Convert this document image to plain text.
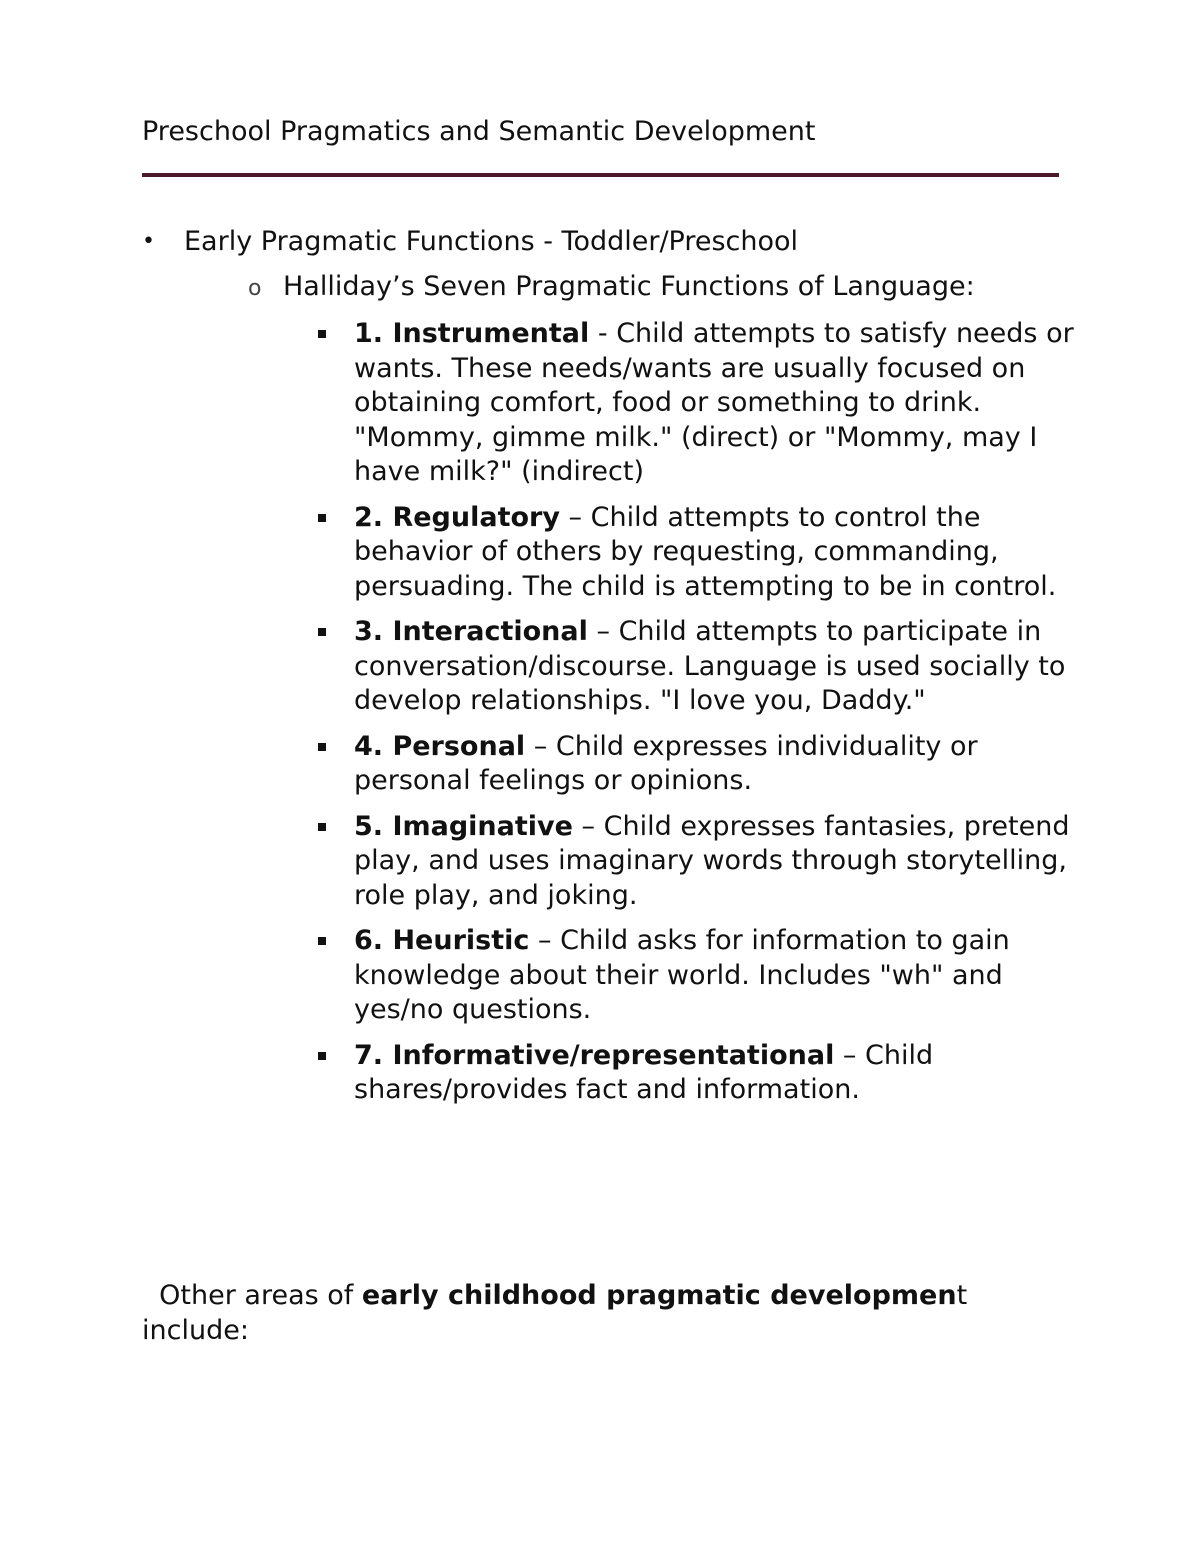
Preschool Pragmatics and Semantic Development
• Early Pragmatic Functions - Toddler/Preschool
o Halliday’s Seven Pragmatic Functions of Language:
1. Instrumental - Child attempts to satisfy needs or wants. These needs/wants are usually focused on obtaining comfort, food or something to drink. "Mommy, gimme milk." (direct) or "Mommy, may I have milk?" (indirect)
2. Regulatory – Child attempts to control the behavior of others by requesting, commanding, persuading. The child is attempting to be in control.
3. Interactional – Child attempts to participate in conversation/discourse. Language is used socially to develop relationships. "I love you, Daddy."
4. Personal – Child expresses individuality or personal feelings or opinions.
5. Imaginative – Child expresses fantasies, pretend play, and uses imaginary words through storytelling, role play, and joking.
6. Heuristic – Child asks for information to gain knowledge about their world. Includes "wh" and yes/no questions.
7. Informative/representational – Child shares/provides fact and information.
Other areas of early childhood pragmatic development include:
